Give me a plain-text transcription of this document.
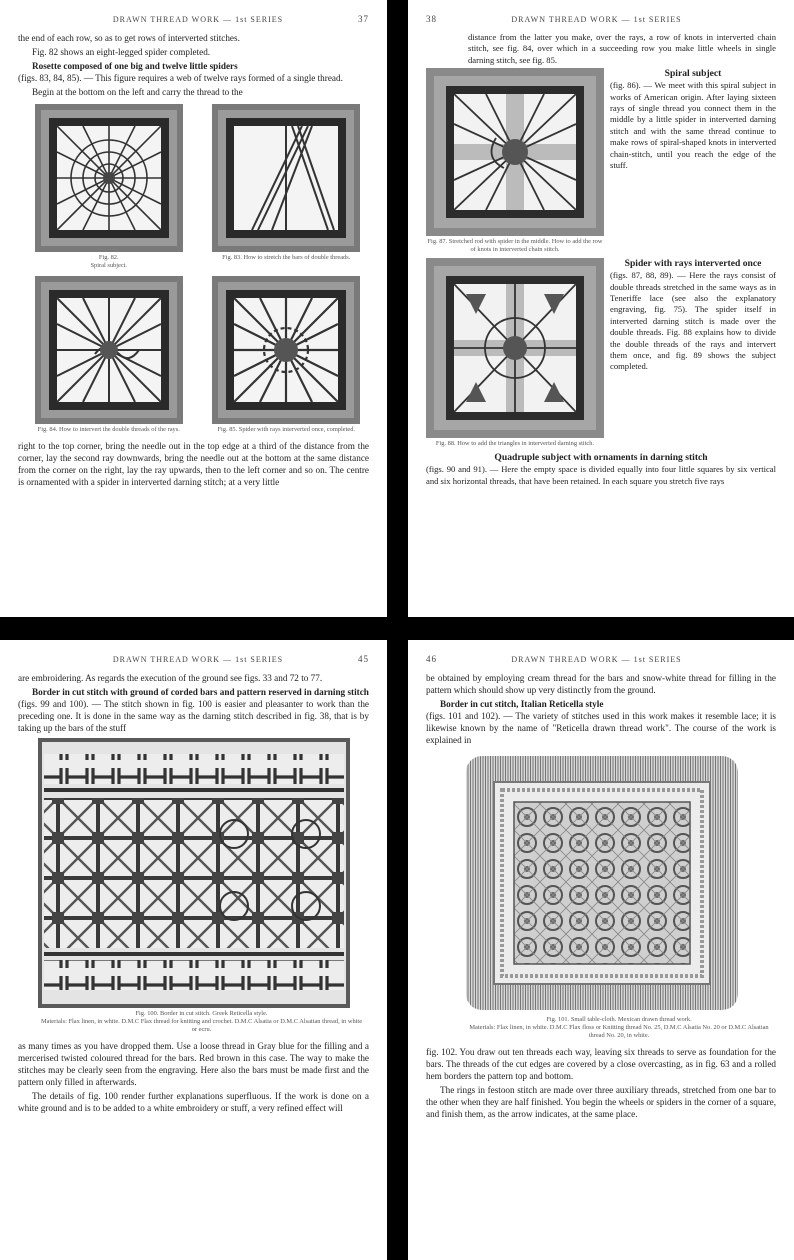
DRAWN THREAD WORK — 1st SERIES	37

the end of each row, so as to get rows of interverted stitches.

Fig. 82 shows an eight-legged spider completed.

Rosette composed of one big and twelve little spiders

(figs. 83, 84, 85). — This figure requires a web of twelve rays formed of a single thread.

Begin at the bottom on the left and carry the thread to the

Fig. 82.
Spiral subject.
Fig. 83. How to stretch the bars of double threads.
Fig. 84. How to intervert the double threads of the rays.	Fig. 85. Spider with rays interverted once, completed.

right to the top corner, bring the needle out in the top edge at a third of the distance from the corner, lay the second ray downwards, bring the needle out at the bottom at the same distance from the corner on the right, lay the ray upwards, then to the left corner and so on. The centre is ornamented with a spider in interverted darning stitch; at a very little

38	DRAWN THREAD WORK — 1st SERIES

distance from the latter you make, over the rays, a row of knots in interverted chain stitch, see fig. 84, over which in a succeeding row you make little wheels in single darning stitch, see fig. 85.

Fig. 87. Stretched rod with spider in the middle. How to add the row of knots in interverted chain stitch.
Spiral subject

(fig. 86). — We meet with this spiral subject in works of American origin. After laying sixteen rays of single thread you connect them in the middle by a little spider in interverted darning stitch and with the same thread continue to make rows of spiral-shaped knots in interverted chain-stitch, until you reach the edge of the stuff.

Fig. 88. How to add the triangles in interverted darning stitch.
Spider with rays interverted once

(figs. 87, 88, 89). — Here the rays consist of double threads stretched in the same ways as in Teneriffe lace (see also the explanatory engraving, fig. 75). The spider itself in interverted darning stitch is made over the double threads. Fig. 88 explains how to divide the double threads of the rays and intervert them once, and fig. 89 shows the subject completed.

Quadruple subject with ornaments in darning stitch

(figs. 90 and 91). — Here the empty space is divided equally into four little squares by six vertical and six horizontal threads, that have been retained. In each square you stretch five rays

DRAWN THREAD WORK — 1st SERIES	45

are embroidering. As regards the execution of the ground see figs. 33 and 72 to 77.

Border in cut stitch with ground of corded bars and pattern reserved in darning stitch

(figs. 99 and 100). — The stitch shown in fig. 100 is easier and pleasanter to work than the preceding one. It is done in the same way as the darning stitch described in fig. 38, that is by taking up the bars of the stuff

Fig. 100. Border in cut stitch. Greek Reticella style.
Materials: Flax linen, in white. D.M.C Flax thread for knitting and crochet. D.M.C Alsatia or D.M.C Alsatian thread, in white or ecru.

as many times as you have dropped them. Use a loose thread in Gray blue for the filling and a mercerised twisted coloured thread for the bars. Red brown in this case. The way to make the stitches may be clearly seen from the engraving. Here also the bars must be made first and the pattern only filled in afterwards.

The details of fig. 100 render further explanations superfluous. If the work is done on a white ground and is to be added to a white embroidery or stuff, a very refined effect will

46	DRAWN THREAD WORK — 1st SERIES

be obtained by employing cream thread for the bars and snow-white thread for filling in the pattern which should show up very distinctly from the ground.

Border in cut stitch, Italian Reticella style

(figs. 101 and 102). — The variety of stitches used in this work makes it resemble lace; it is likewise known by the name of "Reticella drawn thread work". The course of the work is explained in

Fig. 101. Small table-cloth. Mexican drawn thread work.
Materials: Flax linen, in white. D.M.C Flax floss or Knitting thread No. 25, D.M.C Alsatia No. 20 or D.M.C Alsatian thread No. 20, in white.

fig. 102. You draw out ten threads each way, leaving six threads to serve as foundation for the bars. The threads of the cut edges are covered by a close overcasting, as in fig. 63 and a rolled hem borders the pattern top and bottom.

The rings in festoon stitch are made over three auxiliary threads, stretched from one bar to the other when they are half finished. You begin the wheels or spiders in the corner of a square, and finish them, as the arrow indicates, at the same place.
